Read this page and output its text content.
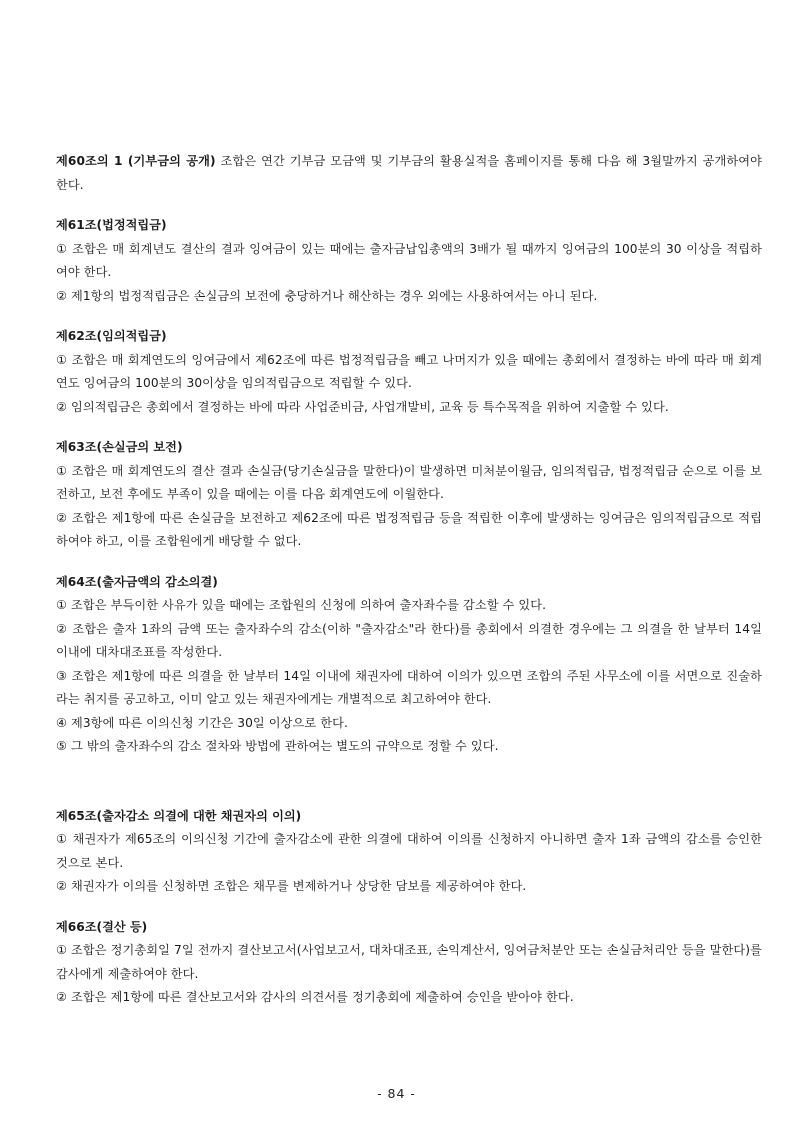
제60조의 1 (기부금의 공개) 조합은 연간 기부금 모금액 및 기부금의 활용실적을 홈페이지를 통해 다음 해 3월말까지 공개하여야 한다.

제61조(법정적립금)

① 조합은 매 회계년도 결산의 결과 잉여금이 있는 때에는 출자금납입총액의 3배가 될 때까지 잉여금의 100분의 30 이상을 적립하여야 한다.

② 제1항의 법정적립금은 손실금의 보전에 충당하거나 해산하는 경우 외에는 사용하여서는 아니 된다.

제62조(임의적립금)

① 조합은 매 회계연도의 잉여금에서 제62조에 따른 법정적립금을 빼고 나머지가 있을 때에는 총회에서 결정하는 바에 따라 매 회계연도 잉여금의 100분의 30이상을 임의적립금으로 적립할 수 있다.

② 임의적립금은 총회에서 결정하는 바에 따라 사업준비금, 사업개발비, 교육 등 특수목적을 위하여 지출할 수 있다.

제63조(손실금의 보전)

① 조합은 매 회계연도의 결산 결과 손실금(당기손실금을 말한다)이 발생하면 미처분이월금, 임의적립금, 법정적립금 순으로 이를 보전하고, 보전 후에도 부족이 있을 때에는 이를 다음 회계연도에 이월한다.

② 조합은 제1항에 따른 손실금을 보전하고 제62조에 따른 법정적립금 등을 적립한 이후에 발생하는 잉여금은 임의적립금으로 적립하여야 하고, 이를 조합원에게 배당할 수 없다.

제64조(출자금액의 감소의결)

① 조합은 부득이한 사유가 있을 때에는 조합원의 신청에 의하여 출자좌수를 감소할 수 있다.

② 조합은 출자 1좌의 금액 또는 출자좌수의 감소(이하 "출자감소"라 한다)를 총회에서 의결한 경우에는 그 의결을 한 날부터 14일 이내에 대차대조표를 작성한다.

③ 조합은 제1항에 따른 의결을 한 날부터 14일 이내에 채권자에 대하여 이의가 있으면 조합의 주된 사무소에 이를 서면으로 진술하라는 취지를 공고하고, 이미 알고 있는 채권자에게는 개별적으로 최고하여야 한다.

④ 제3항에 따른 이의신청 기간은 30일 이상으로 한다.

⑤ 그 밖의 출자좌수의 감소 절차와 방법에 관하여는 별도의 규약으로 정할 수 있다.

제65조(출자감소 의결에 대한 채권자의 이의)

① 채권자가 제65조의 이의신청 기간에 출자감소에 관한 의결에 대하여 이의를 신청하지 아니하면 출자 1좌 금액의 감소를 승인한 것으로 본다.

② 채권자가 이의를 신청하면 조합은 채무를 변제하거나 상당한 담보를 제공하여야 한다.

제66조(결산 등)

① 조합은 정기총회일 7일 전까지 결산보고서(사업보고서, 대차대조표, 손익계산서, 잉여금처분안 또는 손실금처리안 등을 말한다)를 감사에게 제출하여야 한다.

② 조합은 제1항에 따른 결산보고서와 감사의 의견서를 정기총회에 제출하여 승인을 받아야 한다.

- 84 -
